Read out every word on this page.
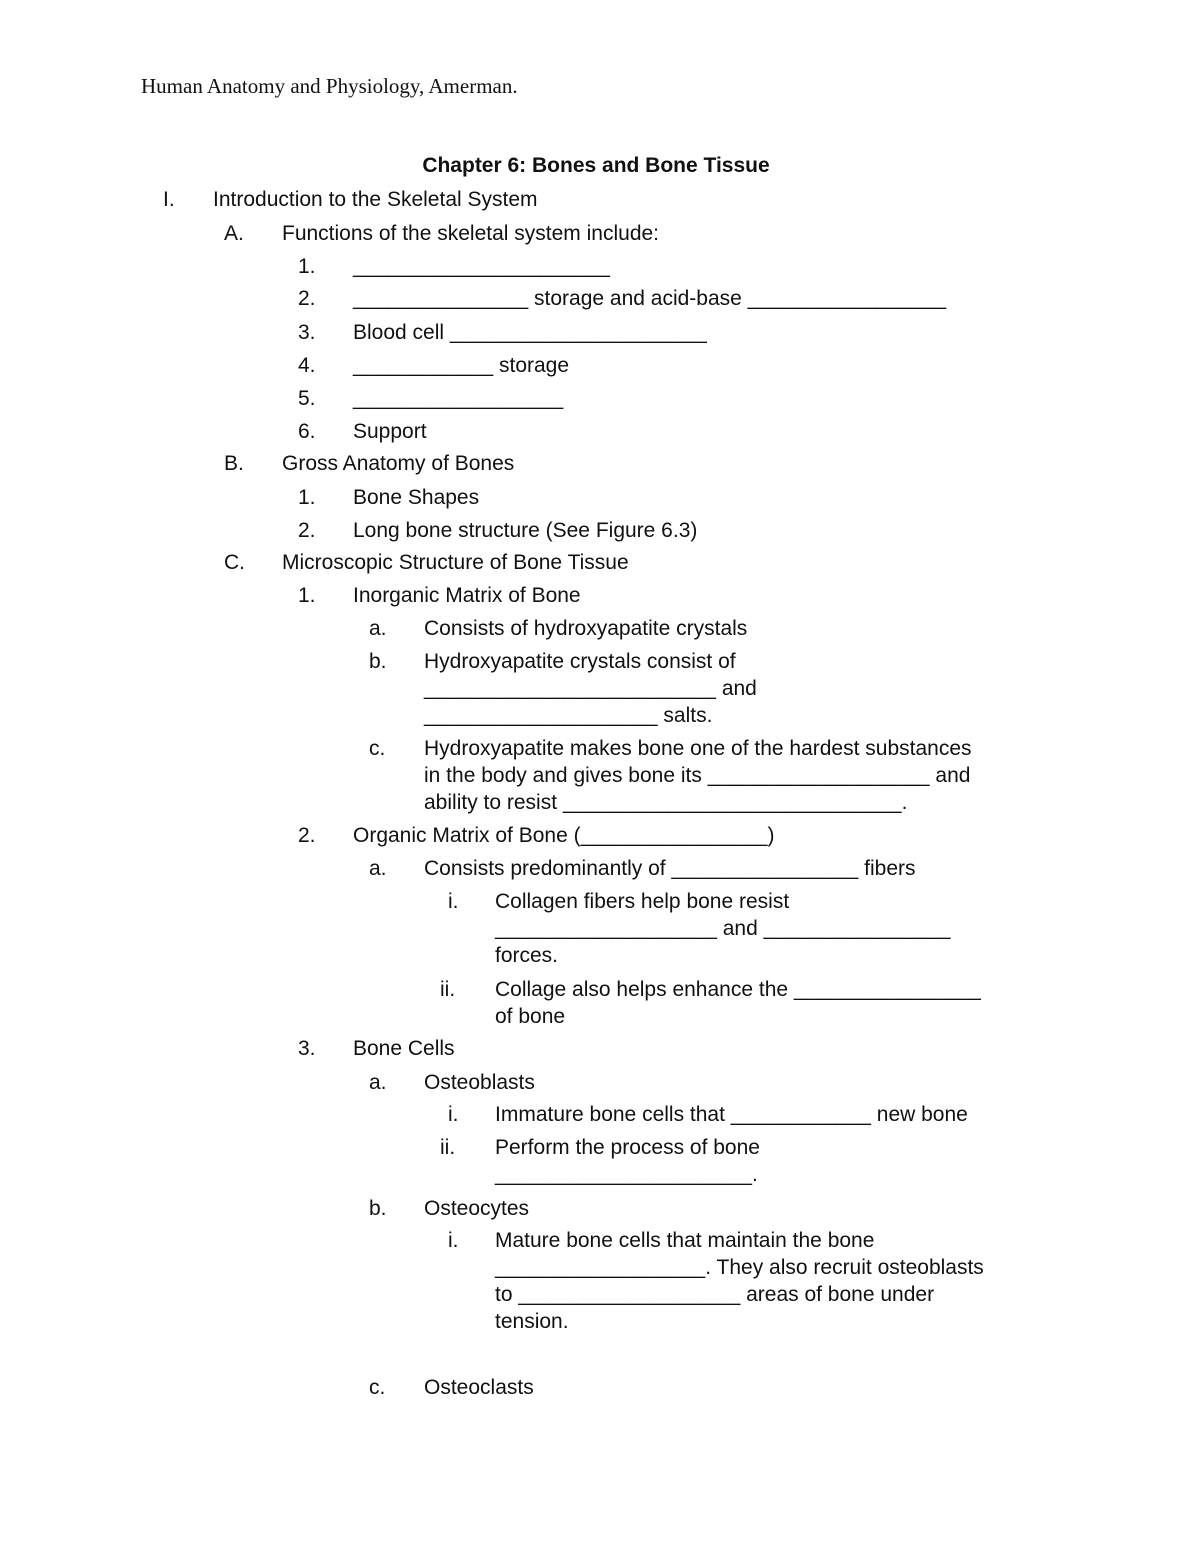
Human Anatomy and Physiology, Amerman.
Chapter 6: Bones and Bone Tissue
I. Introduction to the Skeletal System
A. Functions of the skeletal system include:
1. ______________________
2. _______________ storage and acid-base _________________
3. Blood cell ______________________
4. ____________ storage
5. __________________
6. Support
B. Gross Anatomy of Bones
1. Bone Shapes
2. Long bone structure (See Figure 6.3)
C. Microscopic Structure of Bone Tissue
1. Inorganic Matrix of Bone
a. Consists of hydroxyapatite crystals
b. Hydroxyapatite crystals consist of
_________________________ and
____________________ salts.
c. Hydroxyapatite makes bone one of the hardest substances
in the body and gives bone its ___________________ and
ability to resist _____________________________.
2. Organic Matrix of Bone (________________)
a. Consists predominantly of ________________ fibers
i. Collagen fibers help bone resist
___________________ and ________________
forces.
ii. Collage also helps enhance the ________________
of bone
3. Bone Cells
a. Osteoblasts
i. Immature bone cells that ____________ new bone
ii. Perform the process of bone
______________________.
b. Osteocytes
i. Mature bone cells that maintain the bone
__________________. They also recruit osteoblasts
to ___________________ areas of bone under
tension.
c. Osteoclasts
